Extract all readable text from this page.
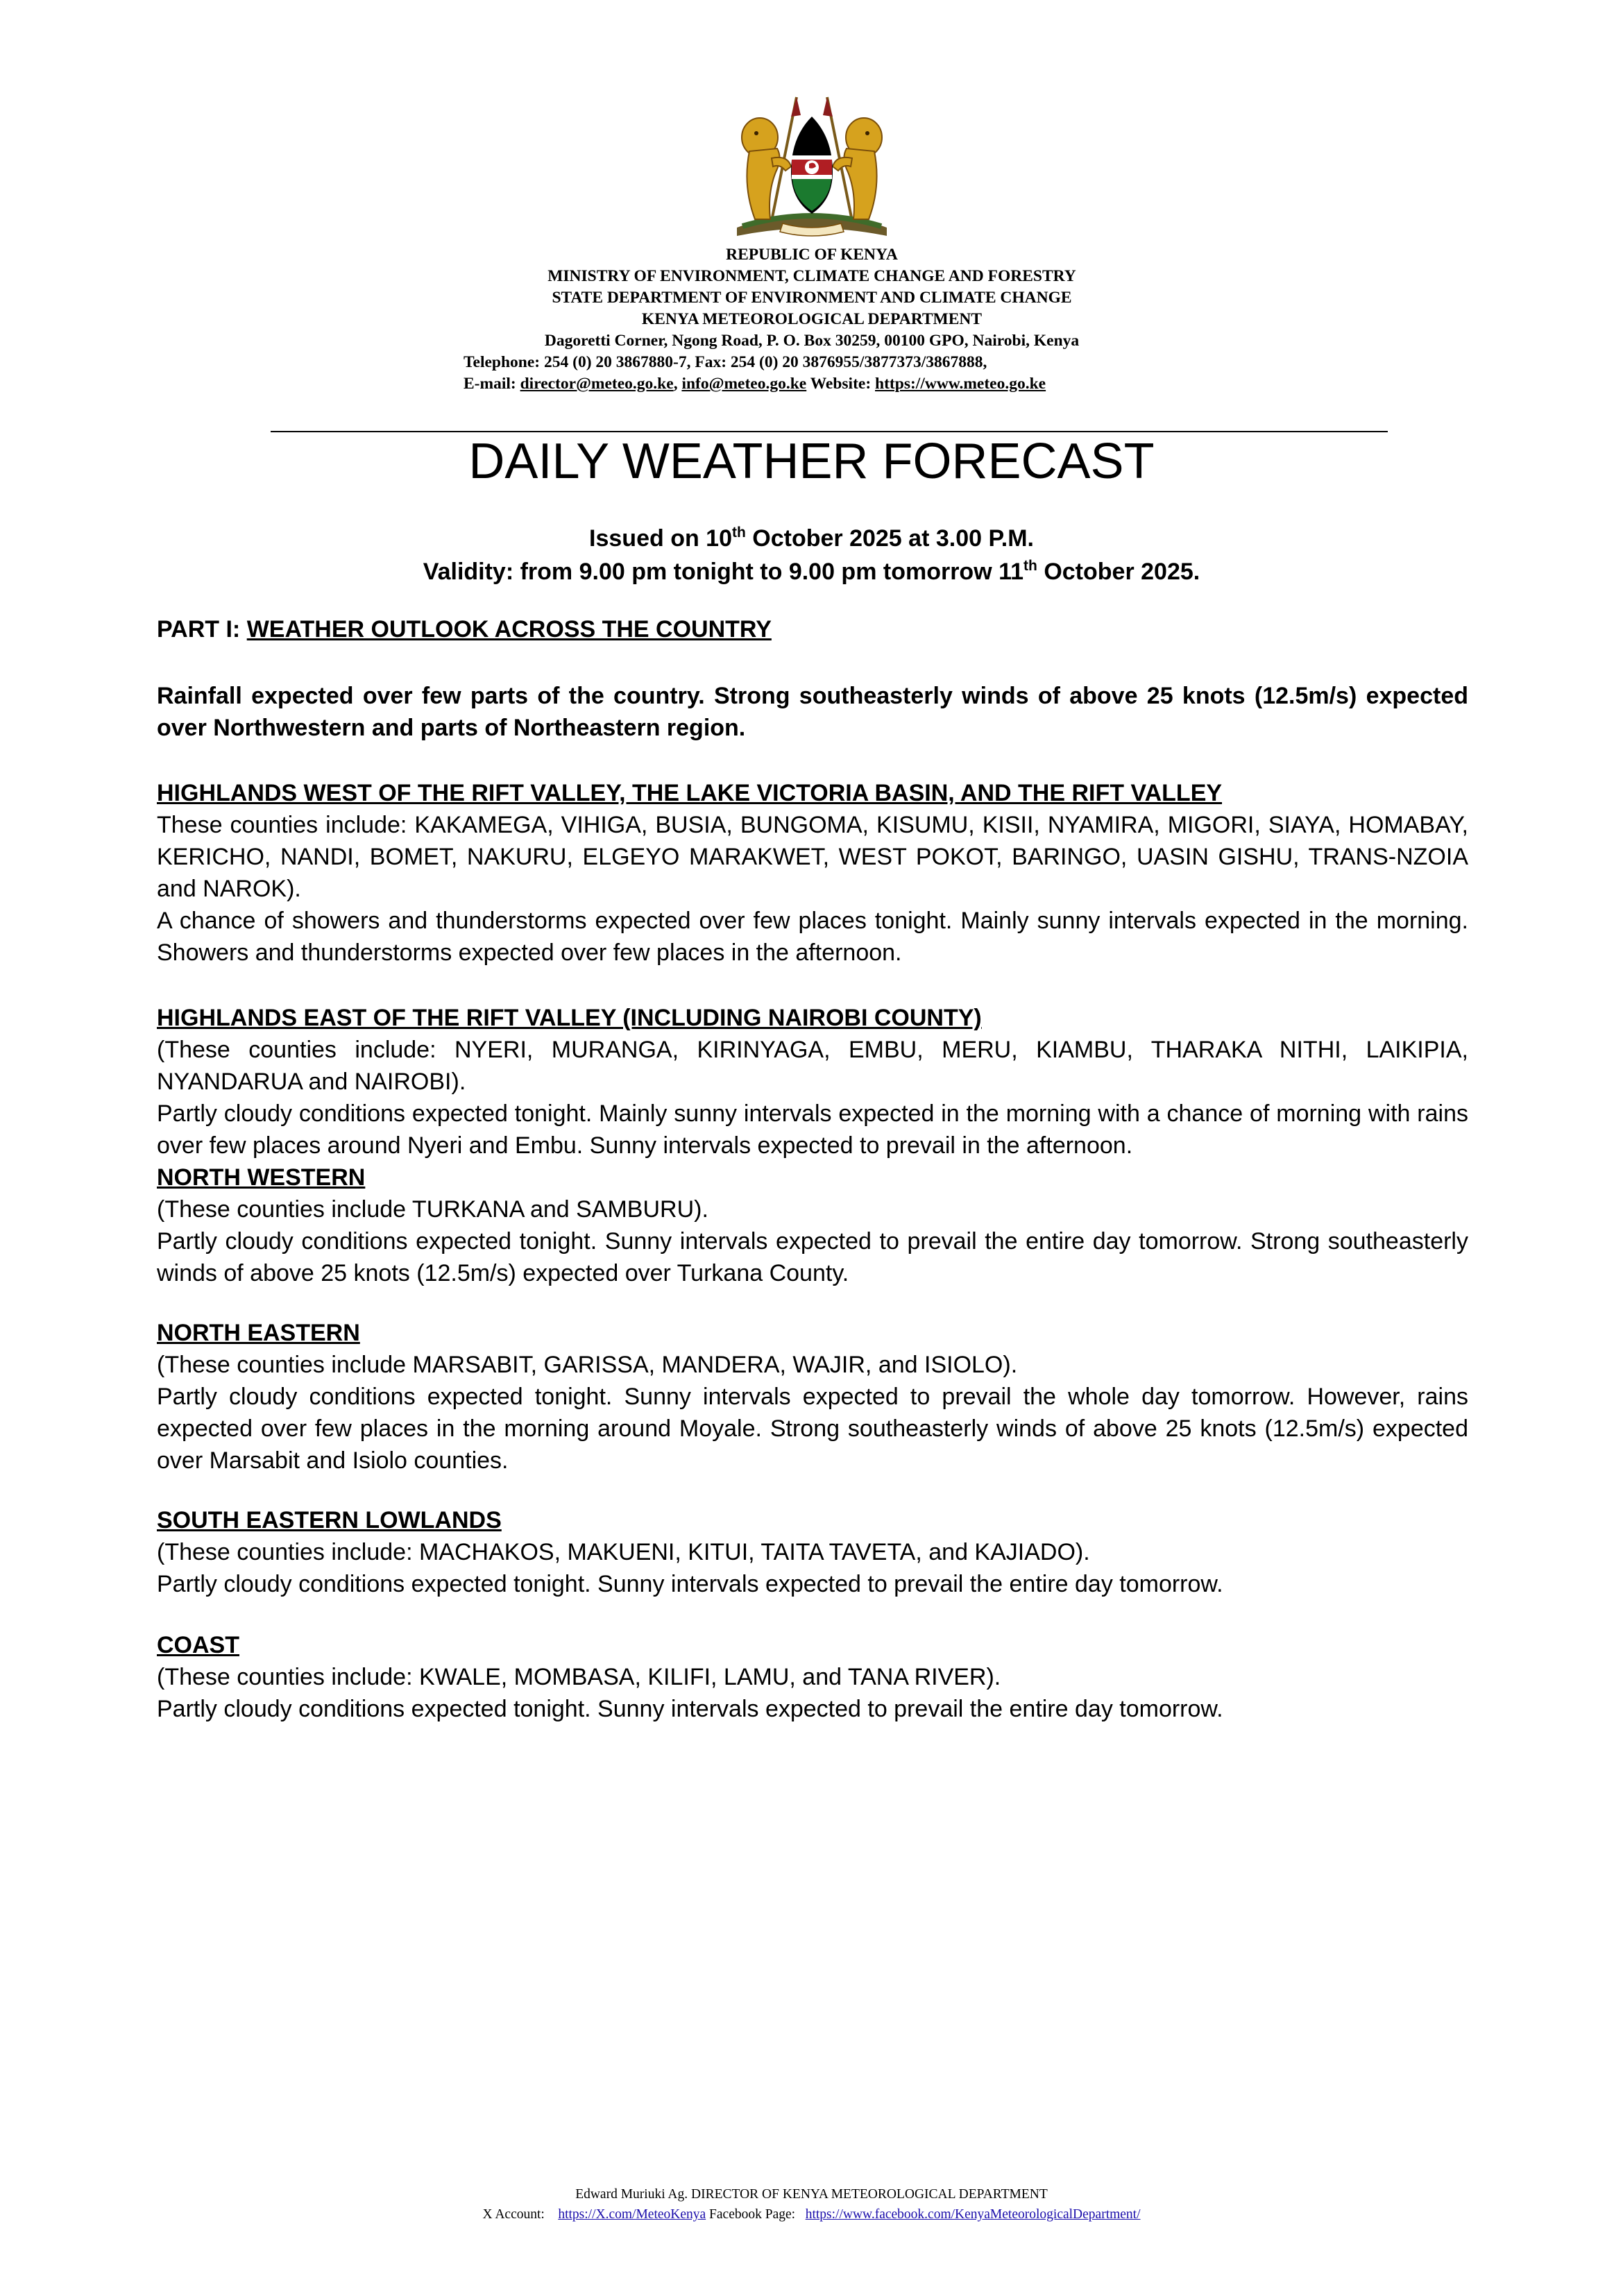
REPUBLIC OF KENYA
MINISTRY OF ENVIRONMENT, CLIMATE CHANGE AND FORESTRY
STATE DEPARTMENT OF ENVIRONMENT AND CLIMATE CHANGE
KENYA METEOROLOGICAL DEPARTMENT
Dagoretti Corner, Ngong Road, P. O. Box 30259, 00100 GPO, Nairobi, Kenya
Telephone: 254 (0) 20 3867880-7, Fax: 254 (0) 20 3876955/3877373/3867888,
E-mail: director@meteo.go.ke, info@meteo.go.ke Website: https://www.meteo.go.ke
DAILY WEATHER FORECAST
Issued on 10th October 2025 at 3.00 P.M.
Validity: from 9.00 pm tonight to 9.00 pm tomorrow 11th October 2025.

PART I: WEATHER OUTLOOK ACROSS THE COUNTRY

Rainfall expected over few parts of the country. Strong southeasterly winds of above 25 knots (12.5m/s) expected over Northwestern and parts of Northeastern region.

HIGHLANDS WEST OF THE RIFT VALLEY, THE LAKE VICTORIA BASIN, AND THE RIFT VALLEY

These counties include: KAKAMEGA, VIHIGA, BUSIA, BUNGOMA, KISUMU, KISII, NYAMIRA, MIGORI, SIAYA, HOMABAY, KERICHO, NANDI, BOMET, NAKURU, ELGEYO MARAKWET, WEST POKOT, BARINGO, UASIN GISHU, TRANS-NZOIA and NAROK).

A chance of showers and thunderstorms expected over few places tonight. Mainly sunny intervals expected in the morning. Showers and thunderstorms expected over few places in the afternoon.

HIGHLANDS EAST OF THE RIFT VALLEY (INCLUDING NAIROBI COUNTY)

(These counties include: NYERI, MURANGA, KIRINYAGA, EMBU, MERU, KIAMBU, THARAKA NITHI, LAIKIPIA, NYANDARUA and NAIROBI).

Partly cloudy conditions expected tonight. Mainly sunny intervals expected in the morning with a chance of morning with rains over few places around Nyeri and Embu. Sunny intervals expected to prevail in the afternoon.

NORTH WESTERN

(These counties include TURKANA and SAMBURU).

Partly cloudy conditions expected tonight. Sunny intervals expected to prevail the entire day tomorrow. Strong southeasterly winds of above 25 knots (12.5m/s) expected over Turkana County.

NORTH EASTERN

(These counties include MARSABIT, GARISSA, MANDERA, WAJIR, and ISIOLO).

Partly cloudy conditions expected tonight. Sunny intervals expected to prevail the whole day tomorrow. However, rains expected over few places in the morning around Moyale. Strong southeasterly winds of above 25 knots (12.5m/s) expected over Marsabit and Isiolo counties.

SOUTH EASTERN LOWLANDS

(These counties include: MACHAKOS, MAKUENI, KITUI, TAITA TAVETA, and KAJIADO).

Partly cloudy conditions expected tonight. Sunny intervals expected to prevail the entire day tomorrow.

COAST

(These counties include: KWALE, MOMBASA, KILIFI, LAMU, and TANA RIVER).

Partly cloudy conditions expected tonight. Sunny intervals expected to prevail the entire day tomorrow.

Edward Muriuki Ag. DIRECTOR OF KENYA METEOROLOGICAL DEPARTMENT
X Account: https://X.com/MeteoKenya Facebook Page: https://www.facebook.com/KenyaMeteorologicalDepartment/
